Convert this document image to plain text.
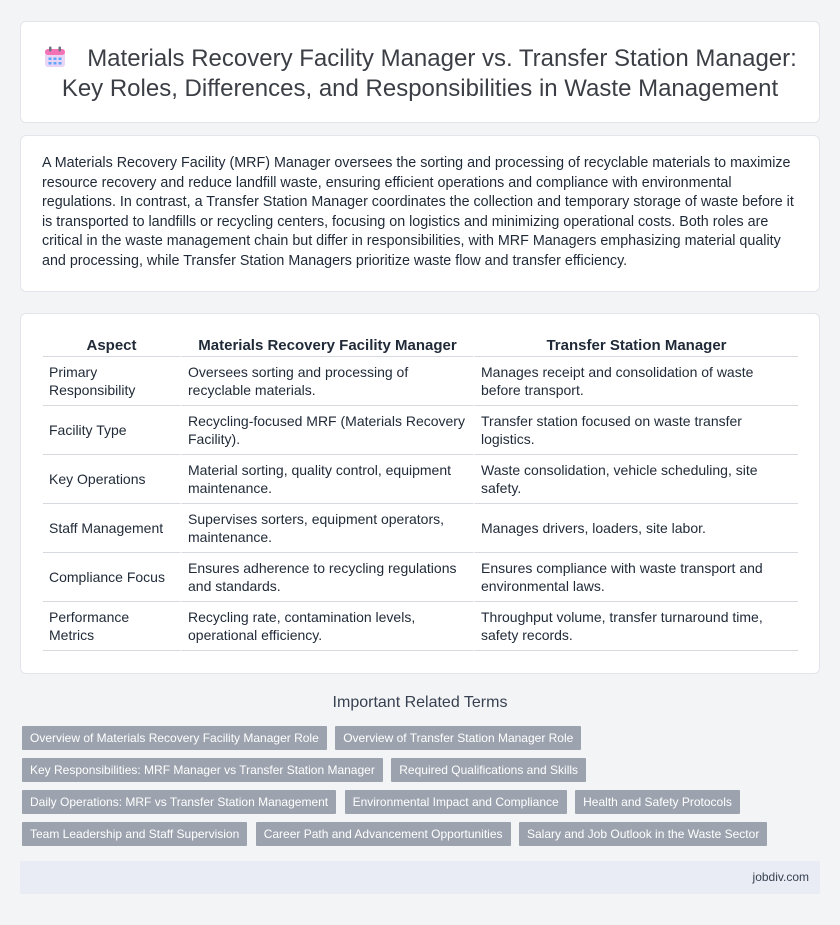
Materials Recovery Facility Manager vs. Transfer Station Manager: Key Roles, Differences, and Responsibilities in Waste Management

A Materials Recovery Facility (MRF) Manager oversees the sorting and processing of recyclable materials to maximize resource recovery and reduce landfill waste, ensuring efficient operations and compliance with environmental regulations. In contrast, a Transfer Station Manager coordinates the collection and temporary storage of waste before it is transported to landfills or recycling centers, focusing on logistics and minimizing operational costs. Both roles are critical in the waste management chain but differ in responsibilities, with MRF Managers emphasizing material quality and processing, while Transfer Station Managers prioritize waste flow and transfer efficiency.

Aspect	Materials Recovery Facility Manager	Transfer Station Manager
Primary Responsibility	Oversees sorting and processing of recyclable materials.	Manages receipt and consolidation of waste before transport.
Facility Type	Recycling-focused MRF (Materials Recovery Facility).	Transfer station focused on waste transfer logistics.
Key Operations	Material sorting, quality control, equipment maintenance.	Waste consolidation, vehicle scheduling, site safety.
Staff Management	Supervises sorters, equipment operators, maintenance.	Manages drivers, loaders, site labor.
Compliance Focus	Ensures adherence to recycling regulations and standards.	Ensures compliance with waste transport and environmental laws.
Performance Metrics	Recycling rate, contamination levels, operational efficiency.	Throughput volume, transfer turnaround time, safety records.
Important Related Terms
Overview of Materials Recovery Facility Manager Role Overview of Transfer Station Manager Role
Key Responsibilities: MRF Manager vs Transfer Station Manager Required Qualifications and Skills
Daily Operations: MRF vs Transfer Station Management Environmental Impact and Compliance Health and Safety Protocols
Team Leadership and Staff Supervision Career Path and Advancement Opportunities Salary and Job Outlook in the Waste Sector
jobdiv.com
